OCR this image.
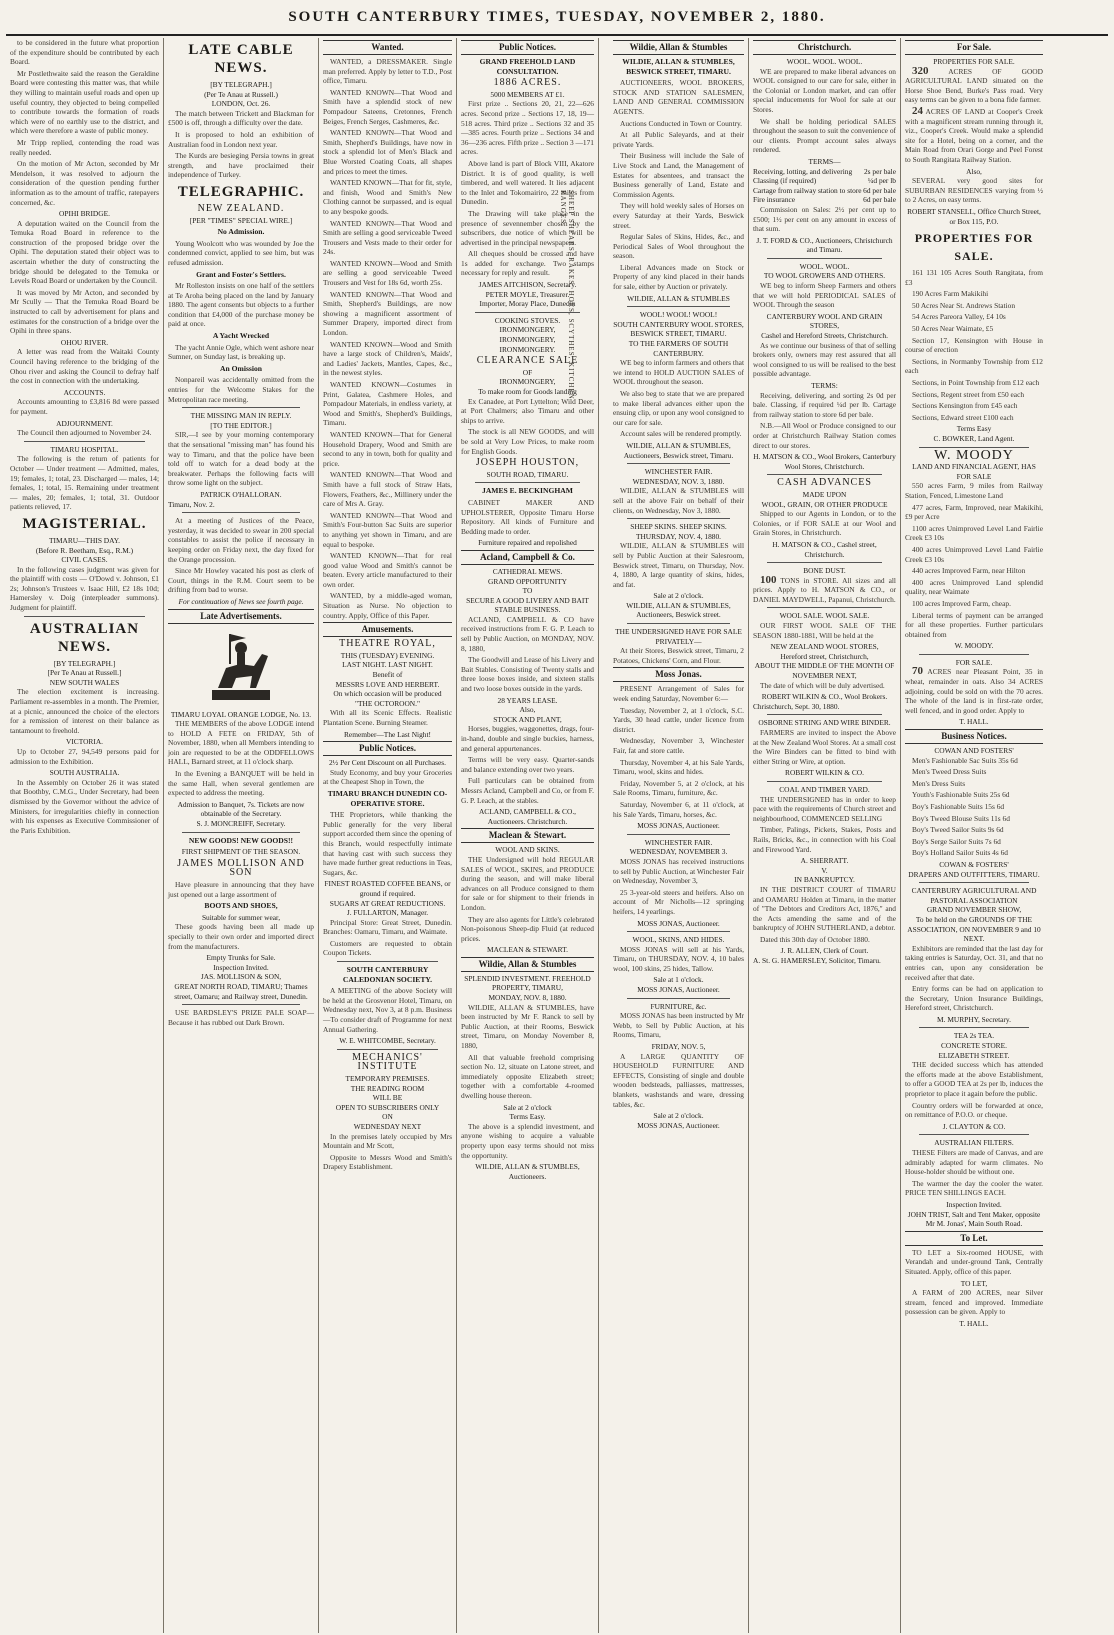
SOUTH CANTERBURY TIMES, TUESDAY, NOVEMBER 2, 1880.
SHEEP SHEARS, RAKES, HOES, SCYTHES, KITCHEN RANGES.

to be considered in the future what proportion of the expenditure should be contributed by each Board.

Mr Postlethwaite said the reason the Geraldine Board were contesting this matter was, that while they willing to maintain useful roads and open up useful country, they objected to being compelled to contribute towards the formation of roads which were of no earthly use to the district, and which were therefore a waste of public money.

Mr Tripp replied, contending the road was really needed.

On the motion of Mr Acton, seconded by Mr Mendelson, it was resolved to adjourn the consideration of the question pending further information as to the amount of traffic, ratepayers concerned, &c.

OPIHI BRIDGE.

A deputation waited on the Council from the Temuka Road Board in reference to the construction of the proposed bridge over the Opihi. The deputation stated their object was to ascertain whether the duty of constructing the bridge should be delegated to the Temuka or Levels Road Board or undertaken by the Council.

It was moved by Mr Acton, and seconded by Mr Scully — That the Temuka Road Board be instructed to call by advertisement for plans and estimates for the construction of a bridge over the Opihi in three spans.

OHOU RIVER.

A letter was read from the Waitaki County Council having reference to the bridging of the Ohou river and asking the Council to defray half the cost in connection with the undertaking.

ACCOUNTS.

Accounts amounting to £3,816 8d were passed for payment.

ADJOURNMENT.

The Council then adjourned to November 24.

TIMARU HOSPITAL.

The following is the return of patients for October — Under treatment — Admitted, males, 19; females, 1; total, 23. Discharged — males, 14; females, 1; total, 15. Remaining under treatment — males, 20; females, 1; total, 31. Outdoor patients relieved, 17.

MAGISTERIAL.
TIMARU—THIS DAY.
(Before R. Beetham, Esq., R.M.)
CIVIL CASES.

In the following cases judgment was given for the plaintiff with costs — O'Dowd v. Johnson, £1 2s; Johnson's Trustees v. Isaac Hill, £2 18s 10d; Hamersley v. Doig (interpleader summons). Judgment for plaintiff.

AUSTRALIAN NEWS.
[BY TELEGRAPH.]
[Per Te Anau at Russell.]
NEW SOUTH WALES

The election excitement is increasing. Parliament re-assembles in a month. The Premier, at a picnic, announced the choice of the electors for a remission of interest on their balance as tantamount to freehold.

VICTORIA.

Up to October 27, 94,549 persons paid for admission to the Exhibition.

SOUTH AUSTRALIA.

In the Assembly on October 26 it was stated that Boothby, C.M.G., Under Secretary, had been dismissed by the Governor without the advice of Ministers, for irregularities chiefly in connection with his expenses as Executive Commissioner of the Paris Exhibition.

LATE CABLE NEWS.
[BY TELEGRAPH.]
(Per Te Anau at Russell.)
LONDON, Oct. 26.

The match between Trickett and Blackman for £500 is off, through a difficulty over the date.

It is proposed to hold an exhibition of Australian food in London next year.

The Kurds are besieging Persia towns in great strength, and have proclaimed their independence of Turkey.

TELEGRAPHIC.
NEW ZEALAND.
[PER "TIMES" SPECIAL WIRE.]
No Admission.

Young Woolcott who was wounded by Joe the condemned convict, applied to see him, but was refused admission.

Grant and Foster's Settlers.

Mr Rolleston insists on one half of the settlers at Te Aroha being placed on the land by January 1880. The agent consents but objects to a further condition that £4,000 of the purchase money be paid at once.

A Yacht Wrecked

The yacht Annie Ogle, which went ashore near Sumner, on Sunday last, is breaking up.

An Omission

Nonpareil was accidentally omitted from the entries for the Welcome Stakes for the Metropolitan race meeting.

THE MISSING MAN IN REPLY.
[TO THE EDITOR.]

SIR,—I see by your morning contemporary that the sensational "missing man" has found his way to Timaru, and that the police have been told off to watch for a dead body at the breakwater. Perhaps the following facts will throw some light on the subject.

PATRICK O'HALLORAN.
Timaru, Nov. 2.

At a meeting of Justices of the Peace, yesterday, it was decided to swear in 200 special constables to assist the police if necessary in keeping order on Friday next, the day fixed for the Orange procession.

Since Mr Howley vacated his post as clerk of Court, things in the R.M. Court seem to be drifting from bad to worse.

For continuation of News see fourth page.
Late Advertisements.
TIMARU LOYAL ORANGE LODGE, No. 13.

THE MEMBERS of the above LODGE intend to HOLD A FETE on FRIDAY, 5th of November, 1880, when all Members intending to join are requested to be at the ODDFELLOWS HALL, Barnard street, at 11 o'clock sharp.

In the Evening a BANQUET will be held in the same Hall, when several gentlemen are expected to address the meeting.

Admission to Banquet, 7s. Tickets are now obtainable of the Secretary.
S. J. MONCREIFF, Secretary.
NEW GOODS! NEW GOODS!!
FIRST SHIPMENT OF THE SEASON.
JAMES MOLLISON AND SON

Have pleasure in announcing that they have just opened out a large assortment of

BOOTS AND SHOES,
Suitable for summer wear,

These goods having been all made up specially to their own order and imported direct from the manufacturers.

Empty Trunks for Sale.
Inspection Invited.
JAS. MOLLISON & SON,
GREAT NORTH ROAD, TIMARU; Thames street, Oamaru; and Railway street, Dunedin.

USE BARDSLEY'S PRIZE PALE SOAP—Because it has rubbed out Dark Brown.

Wanted.

WANTED, a DRESSMAKER. Single man preferred. Apply by letter to T.D., Post office, Timaru.

WANTED KNOWN—That Wood and Smith have a splendid stock of new Pompadour Sateens, Cretonnes, French Beiges, French Serges, Cashmeres, &c.

WANTED KNOWN—That Wood and Smith, Shepherd's Buildings, have now in stock a splendid lot of Men's Black and Blue Worsted Coating Coats, all shapes and prices to meet the times.

WANTED KNOWN—That for fit, style, and finish, Wood and Smith's New Clothing cannot be surpassed, and is equal to any bespoke goods.

WANTED KNOWN—That Wood and Smith are selling a good serviceable Tweed Trousers and Vests made to their order for 24s.

WANTED KNOWN—Wood and Smith are selling a good serviceable Tweed Trousers and Vest for 18s 6d, worth 25s.

WANTED KNOWN—That Wood and Smith, Shepherd's Buildings, are now showing a magnificent assortment of Summer Drapery, imported direct from London.

WANTED KNOWN—Wood and Smith have a large stock of Children's, Maids', and Ladies' Jackets, Mantles, Capes, &c., in the newest styles.

WANTED KNOWN—Costumes in Print, Galatea, Cashmere Holes, and Pompadour Materials, in endless variety, at Wood and Smith's, Shepherd's Buildings, Timaru.

WANTED KNOWN—That for General Household Drapery, Wood and Smith are second to any in town, both for quality and price.

WANTED KNOWN—That Wood and Smith have a full stock of Straw Hats, Flowers, Feathers, &c., Millinery under the care of Mrs A. Gray.

WANTED KNOWN—That Wood and Smith's Four-button Sac Suits are superior to anything yet shown in Timaru, and are equal to bespoke.

WANTED KNOWN—That for real good value Wood and Smith's cannot be beaten. Every article manufactured to their own order.

WANTED, by a middle-aged woman, Situation as Nurse. No objection to country. Apply, Office of this Paper.

Amusements.
THEATRE ROYAL,
THIS (TUESDAY) EVENING.
LAST NIGHT. LAST NIGHT.
Benefit of
MESSRS LOVE AND HERBERT.
On which occasion will be produced
"THE OCTOROON."

With all its Scenic Effects. Realistic Plantation Scene. Burning Steamer.

Remember—The Last Night!
Public Notices.
2½ Per Cent Discount on all Purchases.

Study Economy, and buy your Groceries at the Cheapest Shop in Town, the

TIMARU BRANCH DUNEDIN CO-OPERATIVE STORE.

THE Proprietors, while thanking the Public generally for the very liberal support accorded them since the opening of this Branch, would respectfully intimate that having cast with such success they have made further great reductions in Teas, Sugars, &c.

FINEST ROASTED COFFEE BEANS, or ground if required.
SUGARS AT GREAT REDUCTIONS.
J. FULLARTON, Manager.

Principal Store: Great Street, Dunedin. Branches: Oamaru, Timaru, and Waimate.

Customers are requested to obtain Coupon Tickets.

SOUTH CANTERBURY CALEDONIAN SOCIETY.

A MEETING of the above Society will be held at the Grosvenor Hotel, Timaru, on Wednesday next, Nov 3, at 8 p.m. Business—To consider draft of Programme for next Annual Gathering.

W. E. WHITCOMBE, Secretary.
MECHANICS' INSTITUTE
TEMPORARY PREMISES.
THE READING ROOM
WILL BE
OPEN TO SUBSCRIBERS ONLY
ON
WEDNESDAY NEXT

In the premises lately occupied by Mrs Mountain and Mr Scott,

Opposite to Messrs Wood and Smith's Drapery Establishment.

Public Notices.
GRAND FREEHOLD LAND CONSULTATION.
1886 ACRES.
5000 MEMBERS AT £1.

First prize .. Sections 20, 21, 22—626 acres. Second prize .. Sections 17, 18, 19—518 acres. Third prize .. Sections 32 and 35—385 acres. Fourth prize .. Sections 34 and 36—236 acres. Fifth prize .. Section 3 —171 acres.

Above land is part of Block VIII, Akatore District. It is of good quality, is well timbered, and well watered. It lies adjacent to the Inlet and Tokomairiro, 22 miles from Dunedin.

The Drawing will take place in the presence of sevennember chosen by the subscribers, due notice of which will be advertised in the principal newspapers.

All cheques should be crossed and have 1s added for exchange. Two stamps necessary for reply and result.

JAMES AITCHISON, Secretary.
PETER MOYLE, Treasurer.
Importer, Moray Place, Dunedin
COOKING STOVES.
IRONMONGERY,
IRONMONGERY,
IRONMONGERY.
CLEARANCE SALE
OF
IRONMONGERY,
To make room for Goods landing

Ex Canadee, at Port Lyttelton; Wild Deer, at Port Chalmers; also Timaru and other ships to arrive.

The stock is all NEW GOODS, and will be sold at Very Low Prices, to make room for English Goods.

JOSEPH HOUSTON,
SOUTH ROAD, TIMARU.
JAMES E. BECKINGHAM

CABINET MAKER AND UPHOLSTERER, Opposite Timaru Horse Repository. All kinds of Furniture and Bedding made to order.

Furniture repaired and repolished
Acland, Campbell & Co.
CATHEDRAL MEWS.
GRAND OPPORTUNITY
TO
SECURE A GOOD LIVERY AND BAIT STABLE BUSINESS.

ACLAND, CAMPBELL & CO have received instructions from F. G. P. Leach to sell by Public Auction, on MONDAY, NOV. 8, 1880,

The Goodwill and Lease of his Livery and Bait Stables. Consisting of Twenty stalls and three loose boxes inside, and sixteen stalls and two loose boxes outside in the yards.

28 YEARS LEASE.
Also,
STOCK AND PLANT,

Horses, buggies, waggonettes, drags, four-in-hand, double and single buckies, harness, and general appurtenances.

Terms will be very easy. Quarter-sands and balance extending over two years.

Full particulars can be obtained from Messrs Acland, Campbell and Co, or from F. G. P. Leach, at the stables.

ACLAND, CAMPBELL & CO., Auctioneers. Christchurch.
Maclean & Stewart.
WOOL AND SKINS.

THE Undersigned will hold REGULAR SALES of WOOL, SKINS, and PRODUCE during the season, and will make liberal advances on all Produce consigned to them for sale or for shipment to their friends in London.

They are also agents for Little's celebrated Non-poisonous Sheep-dip Fluid (at reduced prices.

MACLEAN & STEWART.
Wildie, Allan & Stumbles
SPLENDID INVESTMENT. FREEHOLD PROPERTY, TIMARU,
MONDAY, NOV. 8, 1880.

WILDIE, ALLAN & STUMBLES, have been instructed by Mr F. Ranck to sell by Public Auction, at their Rooms, Beswick street, Timaru, on Monday November 8, 1880,

All that valuable freehold comprising section No. 12, situate on Latone street, and immediately opposite Elizabeth street; together with a comfortable 4-roomed dwelling house thereon.

Sale at 2 o'clock
Terms Easy.

The above is a splendid investment, and anyone wishing to acquire a valuable property upon easy terms should not miss the opportunity.

WILDIE, ALLAN & STUMBLES, Auctioneers.
Wildie, Allan & Stumbles
WILDIE, ALLAN & STUMBLES, BESWICK STREET, TIMARU.

AUCTIONEERS, WOOL BROKERS, STOCK AND STATION SALESMEN, LAND AND GENERAL COMMISSION AGENTS.

Auctions Conducted in Town or Country.

At all Public Saleyards, and at their private Yards.

Their Business will include the Sale of Live Stock and Land, the Management of Estates for absentees, and transact the Business generally of Land, Estate and Commission Agents.

They will hold weekly sales of Horses on every Saturday at their Yards, Beswick street.

Regular Sales of Skins, Hides, &c., and Periodical Sales of Wool throughout the season.

Liberal Advances made on Stock or Property of any kind placed in their hands for sale, either by Auction or privately.

WILDIE, ALLAN & STUMBLES
WOOL! WOOL! WOOL!
SOUTH CANTERBURY WOOL STORES, BESWICK STREET, TIMARU.
TO THE FARMERS OF SOUTH CANTERBURY.

WE beg to inform farmers and others that we intend to HOLD AUCTION SALES of WOOL throughout the season.

We also beg to state that we are prepared to make liberal advances either upon the ensuing clip, or upon any wool consigned to our care for sale.

Account sales will be rendered promptly.

WILDIE, ALLAN & STUMBLES, Auctioneers, Beswick street, Timaru.
WINCHESTER FAIR.
WEDNESDAY, NOV. 3, 1880.

WILDIE, ALLAN & STUMBLES will sell at the above Fair on behalf of their clients, on Wednesday, Nov 3, 1880.

SHEEP SKINS. SHEEP SKINS.
THURSDAY, NOV. 4, 1880.

WILDIE, ALLAN & STUMBLES will sell by Public Auction at their Salesroom, Beswick street, Timaru, on Thursday, Nov. 4, 1880, A large quantity of skins, hides, and fat.

Sale at 2 o'clock.
WILDIE, ALLAN & STUMBLES, Auctioneers, Beswick street.
THE UNDERSIGNED HAVE FOR SALE PRIVATELY—

At their Stores, Beswick street, Timaru, 2 Potatoes, Chickens' Corn, and Flour.

Moss Jonas.

PRESENT Arrangement of Sales for week ending Saturday, November 6:—

Tuesday, November 2, at 1 o'clock, S.C. Yards, 30 head cattle, under licence from district.

Wednesday, November 3, Winchester Fair, fat and store cattle.

Thursday, November 4, at his Sale Yards, Timaru, wool, skins and hides.

Friday, November 5, at 2 o'clock, at his Sale Rooms, Timaru, furniture, &c.

Saturday, November 6, at 11 o'clock, at his Sale Yards, Timaru, horses, &c.

MOSS JONAS, Auctioneer.
WINCHESTER FAIR.
WEDNESDAY, NOVEMBER 3.

MOSS JONAS has received instructions to sell by Public Auction, at Winchester Fair on Wednesday, November 3,

25 3-year-old steers and heifers. Also on account of Mr Nicholls—12 springing heifers, 14 yearlings.

MOSS JONAS, Auctioneer.
WOOL, SKINS, AND HIDES.

MOSS JONAS will sell at his Yards, Timaru, on THURSDAY, NOV. 4, 10 bales wool, 100 skins, 25 hides, Tallow.

Sale at 1 o'clock.
MOSS JONAS, Auctioneer.
FURNITURE, &c.

MOSS JONAS has been instructed by Mr Webb, to Sell by Public Auction, at his Rooms, Timaru,

FRIDAY, NOV. 5,

A LARGE QUANTITY OF HOUSEHOLD FURNITURE AND EFFECTS, Consisting of single and double wooden bedsteads, palliasses, mattresses, blankets, washstands and ware, dressing tables, &c.

Sale at 2 o'clock.
MOSS JONAS, Auctioneer.
Christchurch.
WOOL. WOOL. WOOL.

WE are prepared to make liberal advances on WOOL consigned to our care for sale, either in the Colonial or London market, and can offer special inducements for Wool for sale at our Stores.

We shall be holding periodical SALES throughout the season to suit the convenience of our clients. Prompt account sales always rendered.

TERMS—
Receiving, lotting, and delivering 2s per bale
Classing (if required)	¼d per lb
Cartage from railway station to store 6d per bale
Fire insurance	6d per bale

Commission on Sales: 2½ per cent up to £500; 1½ per cent on any amount in excess of that sum.

J. T. FORD & CO., Auctioneers, Christchurch and Timaru.
WOOL. WOOL.
TO WOOL GROWERS AND OTHERS.

WE beg to inform Sheep Farmers and others that we will hold PERIODICAL SALES of WOOL Through the season

CANTERBURY WOOL AND GRAIN STORES,
Cashel and Hereford Streets, Christchurch.

As we continue our business of that of selling brokers only, owners may rest assured that all wool consigned to us will be realised to the best possible advantage.

TERMS:

Receiving, delivering, and sorting 2s 0d per bale. Classing, if required ¼d per lb. Cartage from railway station to store 6d per bale.

N.B.—All Wool or Produce consigned to our order at Christchurch Railway Station comes direct to our stores.

H. MATSON & CO., Wool Brokers, Canterbury Wool Stores, Christchurch.
CASH ADVANCES
MADE UPON
WOOL, GRAIN, OR OTHER PRODUCE

Shipped to our Agents in London, or to the Colonies, or if FOR SALE at our Wool and Grain Stores, in Christchurch.

H. MATSON & CO., Cashel street, Christchurch.
BONE DUST.

100 TONS in STORE. All sizes and all prices. Apply to H. MATSON & CO., or DANIEL MAYDWELL, Papanui, Christchurch.

WOOL SALE. WOOL SALE.

OUR FIRST WOOL SALE OF THE SEASON 1880-1881, Will be held at the

NEW ZEALAND WOOL STORES,
Hereford street, Christchurch,
ABOUT THE MIDDLE OF THE MONTH OF NOVEMBER NEXT,

The date of which will be duly advertised.

ROBERT WILKIN & CO., Wool Brokers.
Christchurch, Sept. 30, 1880.
OSBORNE STRING AND WIRE BINDER.

FARMERS are invited to inspect the Above at the New Zealand Wool Stores. At a small cost the Wire Binders can be fitted to bind with either String or Wire, at option.

ROBERT WILKIN & CO.
COAL AND TIMBER YARD.

THE UNDERSIGNED has in order to keep pace with the requirements of Church street and neighbourhood, COMMENCED SELLING

Timber, Palings, Pickets, Stakes, Posts and Rails, Bricks, &c., in connection with his Coal and Firewood Yard.

A. SHERRATT.
V.
IN BANKRUPTCY.

IN THE DISTRICT COURT of TIMARU and OAMARU Holden at Timaru, in the matter of "The Debtors and Creditors Act, 1876," and the Acts amending the same and of the bankruptcy of JOHN SUTHERLAND, a debtor.

Dated this 30th day of October 1880.

J. R. ALLEN, Clerk of Court.
A. St. G. HAMERSLEY, Solicitor, Timaru.
For Sale.
PROPERTIES FOR SALE.

320	ACRES OF GOOD AGRICULTURAL LAND situated on the Horse Shoe Bend, Burke's Pass road. Very easy terms can be given to a bona fide farmer.

24 ACRES OF LAND at Cooper's Creek with a magnificent stream running through it, viz., Cooper's Creek. Would make a splendid site for a Hotel, being on a corner, and the Main Road from Orari Gorge and Peel Forest to South Rangitata Railway Station.

Also,

SEVERAL very good sites for SUBURBAN RESIDENCES varying from ½ to 2 Acres, on easy terms.

ROBERT STANSELL, Office Church Street, or Box 115, P.O.
PROPERTIES FOR SALE.

161 131 105 Acres South Rangitata, from £3

190 Acres Farm Makikihi

50 Acres Near St. Andrews Station

54 Acres Pareora Valley, £4 10s

50 Acres Near Waimate, £5

Section 17, Kensington with House in course of erection

Sections, in Normanby Township from £12 each

Sections, in Point Township from £12 each

Sections, Regent street from £50 each

Sections Kensington from £45 each

Sections, Edward street £100 each

Terms Easy
C. BOWKER, Land Agent.
W. MOODY
LAND AND FINANCIAL AGENT, HAS FOR SALE

550 acres Farm, 9 miles from Railway Station, Fenced, Limestone Land

477 acres, Farm, Improved, near Makikihi, £9 per Acre

1100 acres Unimproved Level Land Fairlie Creek £3 10s

400 acres Unimproved Level Land Fairlie Creek £3 10s

440 acres Improved Farm, near Hilton

400 acres Unimproved Land splendid quality, near Waimate

100 acres Improved Farm, cheap.

Liberal terms of payment can be arranged for all these properties. Further particulars obtained from

W. MOODY.
FOR SALE.

70 ACRES near Pleasant Point, 35 in wheat, remainder in oats. Also 34 ACRES adjoining, could be sold on with the 70 acres. The whole of the land is in first-rate order, well fenced, and in good order. Apply to

T. HALL.
Business Notices.
COWAN AND FOSTERS'

Men's Fashionable Sac Suits 35s 6d

Men's Tweed Dress Suits

Men's Dress Suits

Youth's Fashionable Suits 25s 6d

Boy's Fashionable Suits 15s 6d

Boy's Tweed Blouse Suits 11s 6d

Boy's Tweed Sailor Suits 9s 6d

Boy's Serge Sailor Suits 7s 6d

Boy's Holland Sailor Suits 4s 6d

COWAN & FOSTERS'
DRAPERS AND OUTFITTERS, TIMARU.
CANTERBURY AGRICULTURAL AND PASTORAL ASSOCIATION
GRAND NOVEMBER SHOW,
To be held on the GROUNDS OF THE ASSOCIATION, ON NOVEMBER 9 and 10 NEXT.

Exhibitors are reminded that the last day for taking entries is Saturday, Oct. 31, and that no entries can, upon any consideration be received after that date.

Entry forms can be had on application to the Secretary, Union Insurance Buildings, Hereford street, Christchurch.

M. MURPHY, Secretary.
TEA 2s TEA.
CONCRETE STORE.
ELIZABETH STREET.

THE decided success which has attended the efforts made at the above Establishment, to offer a GOOD TEA at 2s per lb, induces the proprietor to place it again before the public.

Country orders will be forwarded at once, on remittance of P.O.O. or cheque.

J. CLAYTON & CO.
AUSTRALIAN FILTERS.

THESE Filters are made of Canvas, and are admirably adapted for warm climates. No House-holder should be without one.

The warmer the day the cooler the water. PRICE TEN SHILLINGS EACH.

Inspection Invited.
JOHN TRIST, Salt and Tent Maker, opposite Mr M. Jonas', Main South Road.
To Let.

TO LET a Six-roomed HOUSE, with Verandah and under-ground Tank, Centrally Situated. Apply, office of this paper.

TO LET,

A FARM of 200 ACRES, near Silver stream, fenced and improved. Immediate possession can be given. Apply to

T. HALL.
